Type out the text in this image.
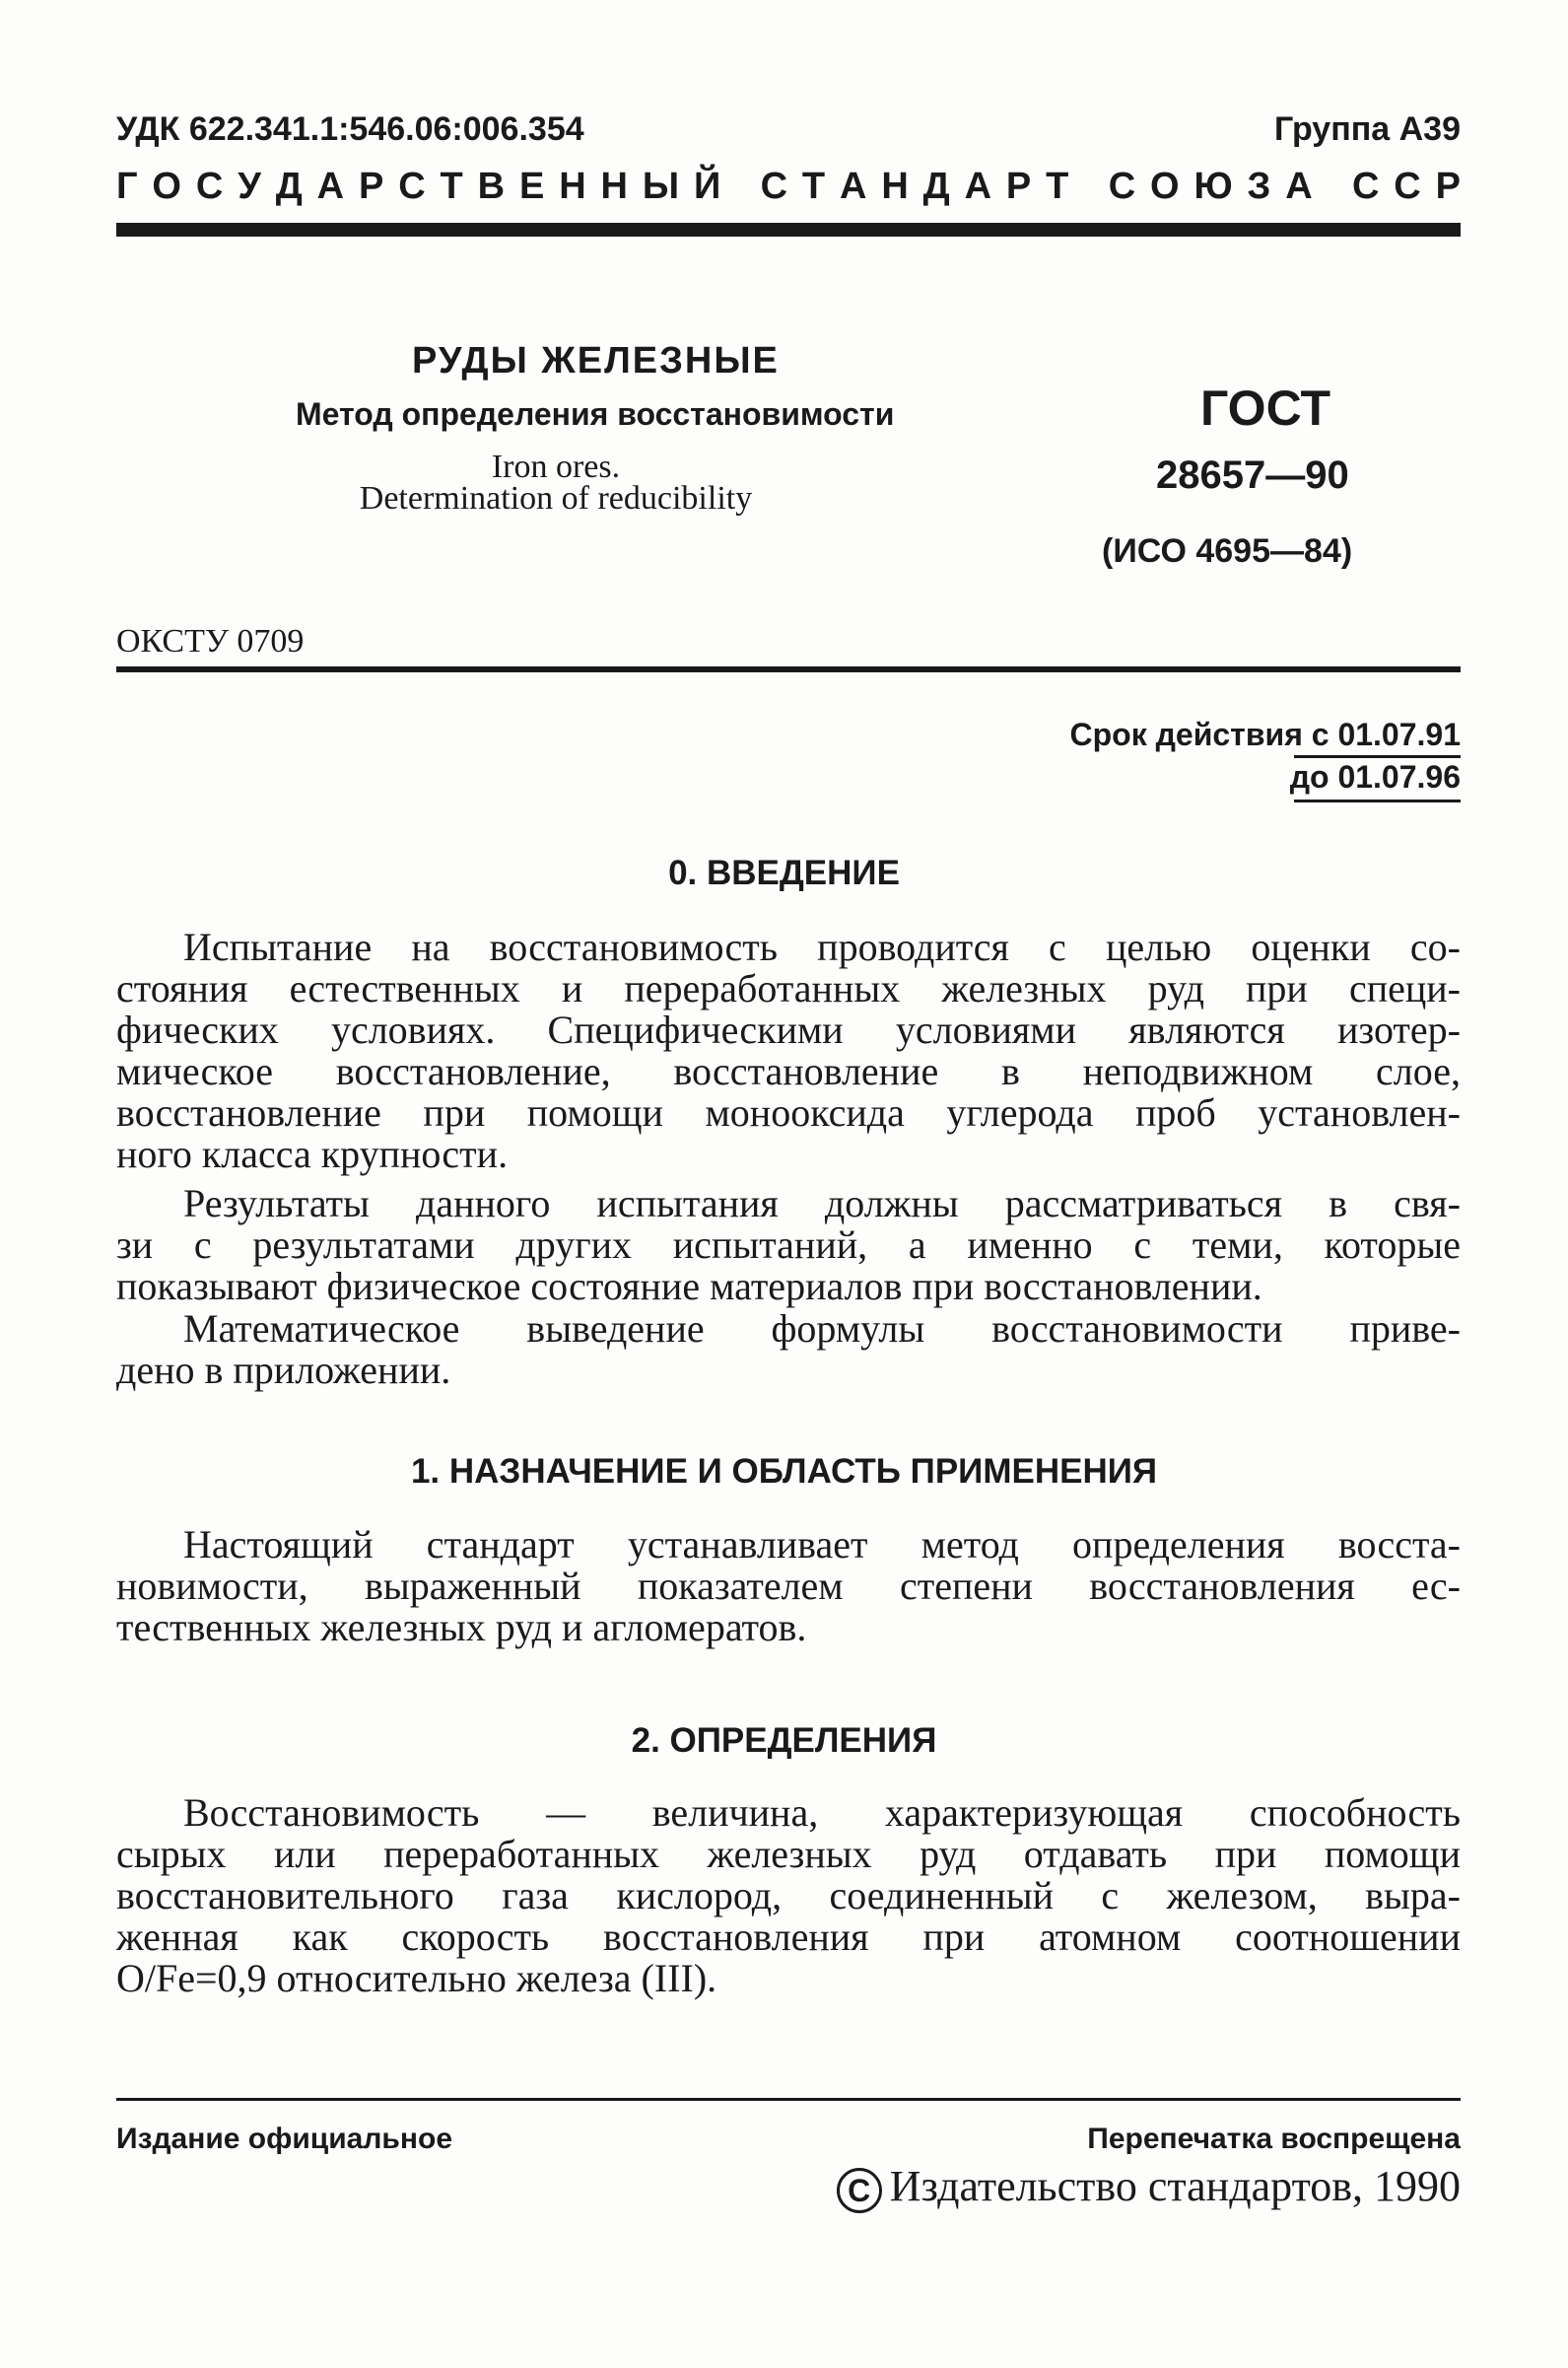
УДК 622.341.1:546.06:006.354	Группа А39
Г О С У Д А Р С Т В Е Н Н Ы Й
С Т А Н Д А Р Т
С О Ю З А
С С Р
РУДЫ ЖЕЛЕЗНЫЕ
Метод определения восстановимости
Iron ores.
Determination of reducibility
ГОСТ
28657—90
(ИСО 4695—84)
ОКСТУ 0709
Срок действия с 01.07.91
до 01.07.96
0. ВВЕДЕНИЕ

Испытание на восстановимость проводится с целью оценки со-

стояния естественных и переработанных железных руд при специ-

фических условиях. Специфическими условиями являются изотер-

мическое восстановление, восстановление в неподвижном слое,

восстановление при помощи монооксида углерода проб установлен-

ного класса крупности.

Результаты данного испытания должны рассматриваться в свя-

зи с результатами других испытаний, а именно с теми, которые

показывают физическое состояние материалов при восстановлении.

Математическое выведение формулы восстановимости приве-

дено в приложении.

1. НАЗНАЧЕНИЕ И ОБЛАСТЬ ПРИМЕНЕНИЯ

Настоящий стандарт устанавливает метод определения восста-

новимости, выраженный показателем степени восстановления ес-

тественных железных руд и агломератов.

2. ОПРЕДЕЛЕНИЯ

Восстановимость — величина, характеризующая способность

сырых или переработанных железных руд отдавать при помощи

восстановительного газа кислород, соединенный с железом, выра-

женная как скорость восстановления при атомном соотношении

O/Fe=0,9 относительно железа (III).

Издание официальное	Перепечатка воспрещена
C Издательство стандартов, 1990
